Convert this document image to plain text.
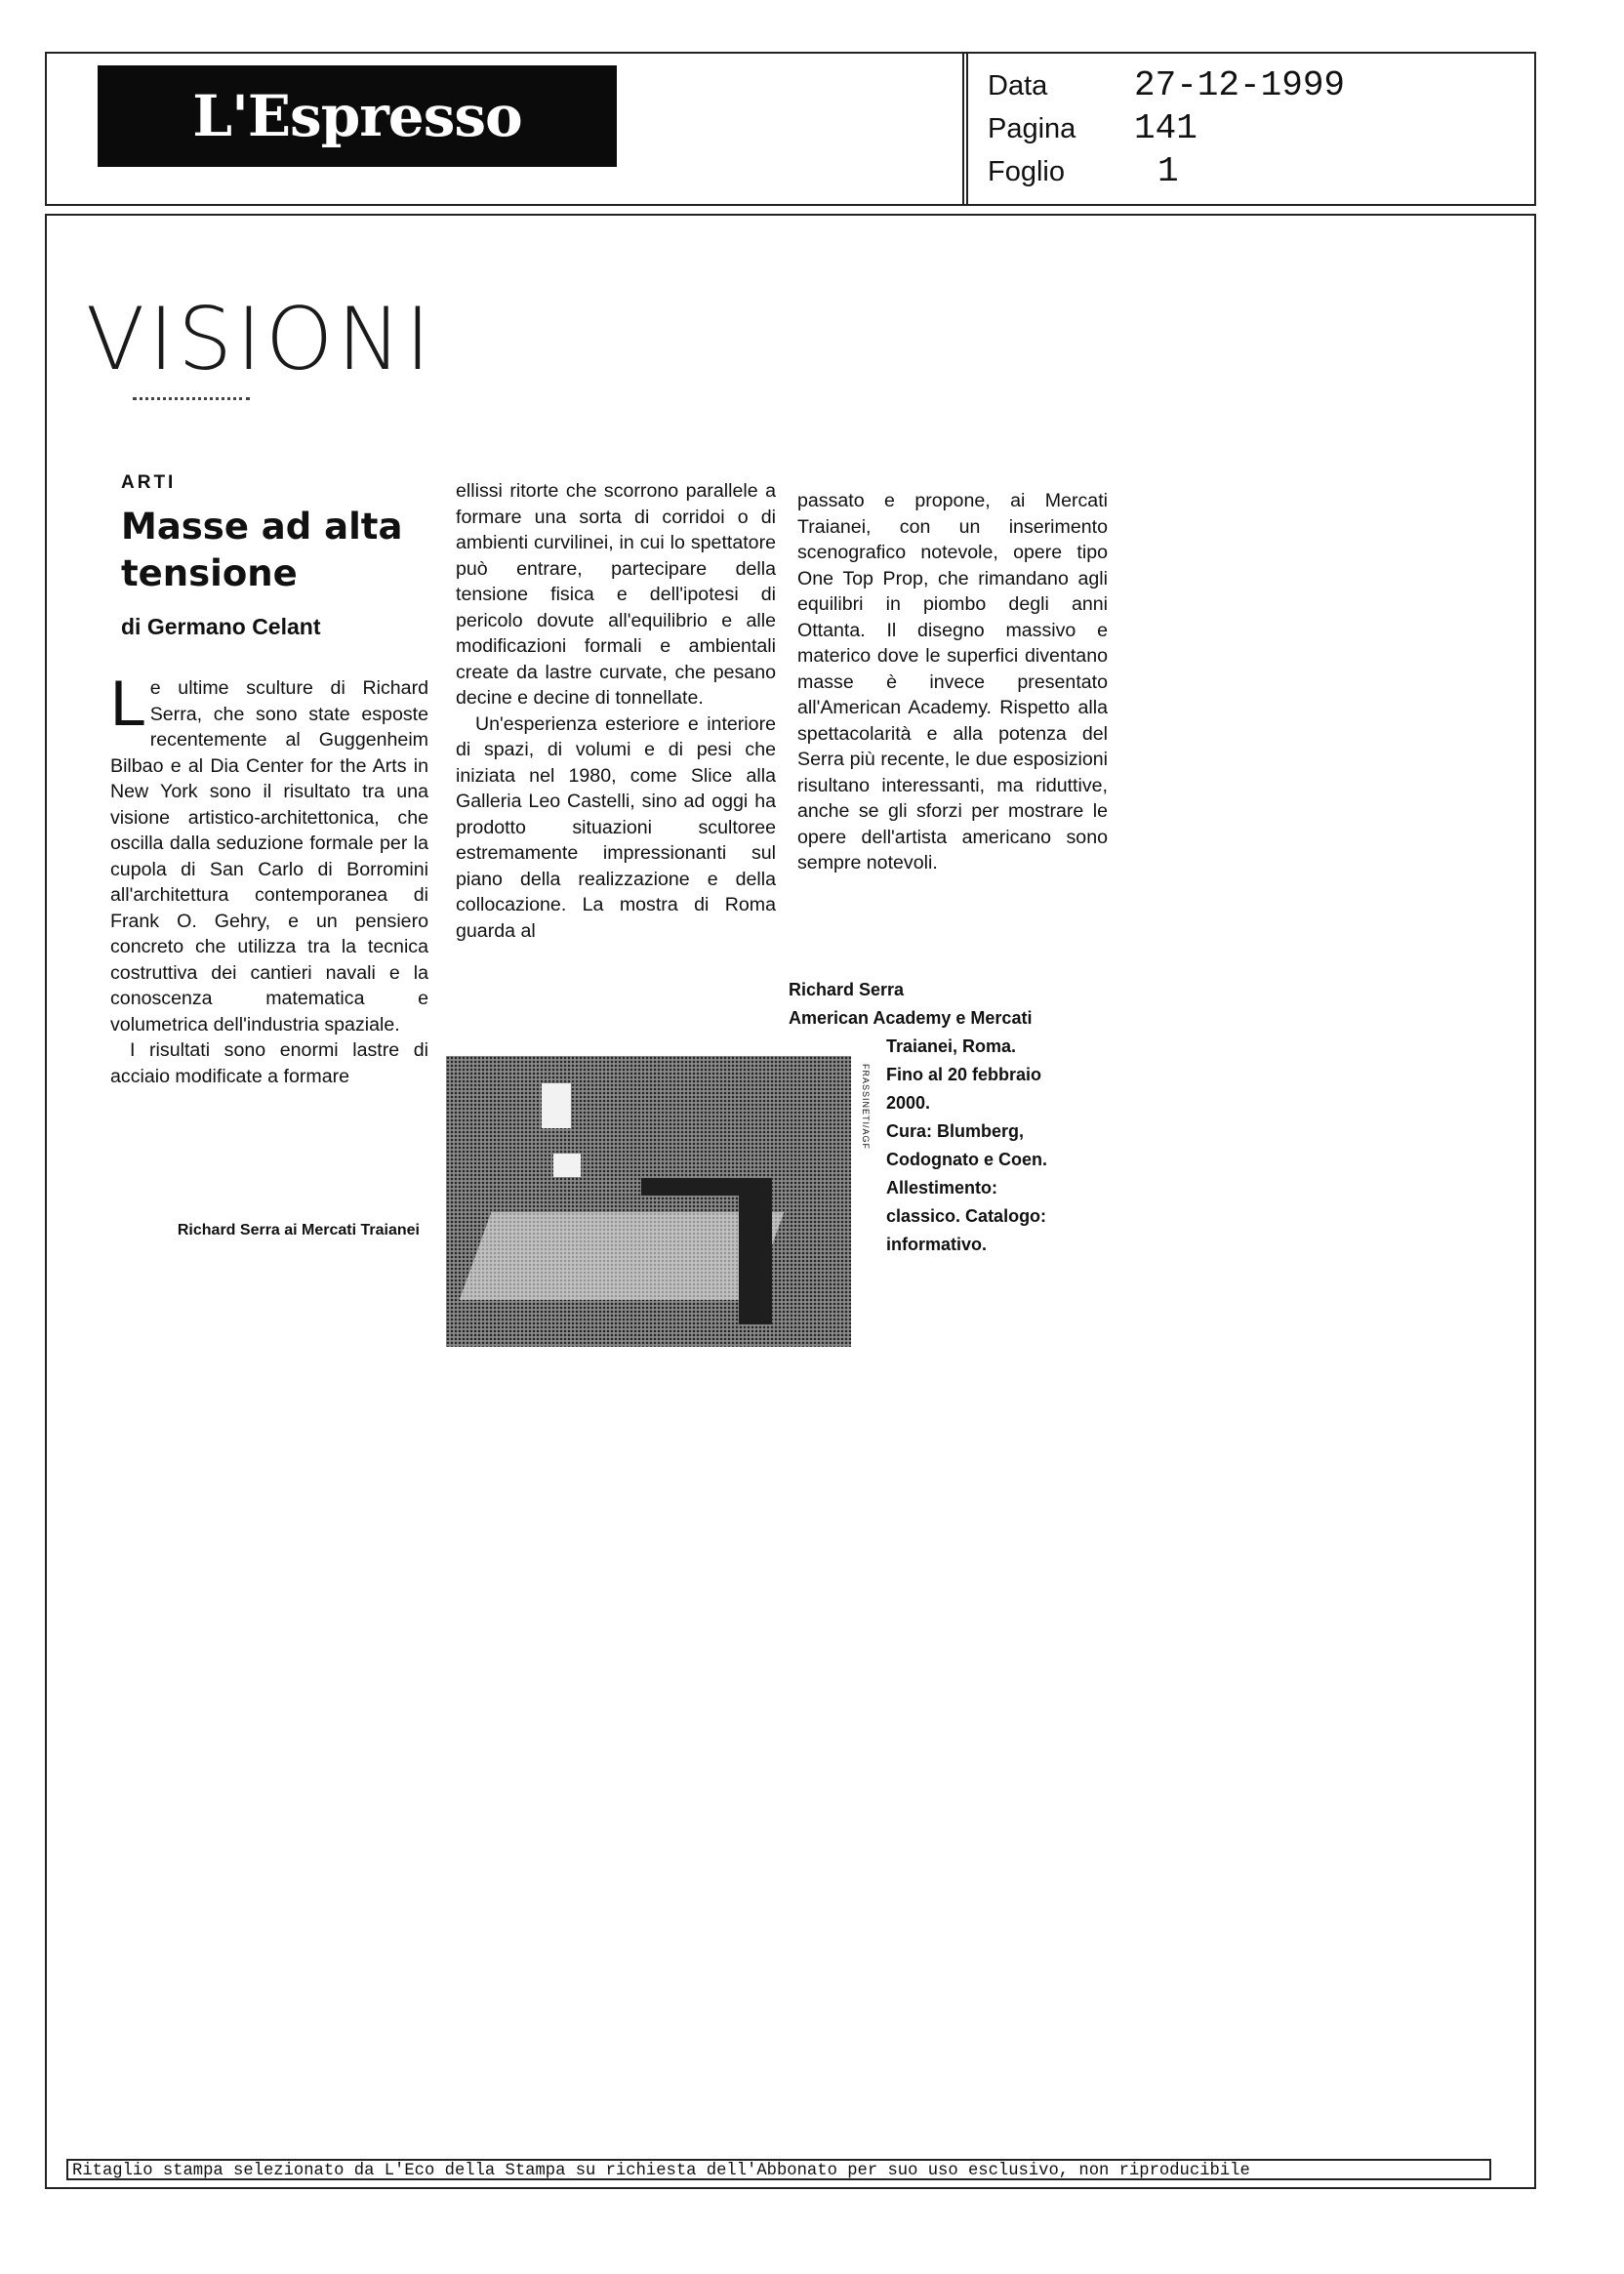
L'Espresso	Data	27-12-1999
Pagina	141
Foglio	1
VISIONI
ARTI
Masse ad alta
tensione
di Germano Celant

Le ultime sculture di Richard Serra, che sono state esposte recentemente al Guggenheim Bilbao e al Dia Center for the Arts in New York sono il risultato tra una visione artistico-architettonica, che oscilla dalla seduzione formale per la cupola di San Carlo di Borromini all'architettura contemporanea di Frank O. Gehry, e un pensiero concreto che utilizza tra la tecnica costruttiva dei cantieri navali e la conoscenza matematica e volumetrica dell'industria spaziale.

I risultati sono enormi lastre di acciaio modificate a formare

ellissi ritorte che scorrono parallele a formare una sorta di corridoi o di ambienti curvilinei, in cui lo spettatore può entrare, partecipare della tensione fisica e dell'ipotesi di pericolo dovute all'equilibrio e alle modificazioni formali e ambientali create da lastre curvate, che pesano decine e decine di tonnellate.

Un'esperienza esteriore e interiore di spazi, di volumi e di pesi che iniziata nel 1980, come Slice alla Galleria Leo Castelli, sino ad oggi ha prodotto situazioni scultoree estremamente impressionanti sul piano della realizzazione e della collocazione. La mostra di Roma guarda al

passato e propone, ai Mercati Traianei, con un inserimento scenografico notevole, opere tipo One Top Prop, che rimandano agli equilibri in piombo degli anni Ottanta. Il disegno massivo e materico dove le superfici diventano masse è invece presentato all'American Academy. Rispetto alla spettacolarità e alla potenza del Serra più recente, le due esposizioni risultano interessanti, ma riduttive, anche se gli sforzi per mostrare le opere dell'artista americano sono sempre notevoli.

Richard Serra
American Academy e Mercati
Traianei, Roma.
Fino al 20 febbraio
2000.
Cura: Blumberg,
Codognato e Coen.
Allestimento:
classico. Catalogo:
informativo.
FRASSINETI/AGF
Richard Serra ai Mercati Traianei
Ritaglio stampa selezionato da L'Eco della Stampa su richiesta dell'Abbonato per suo uso esclusivo, non riproducibile
